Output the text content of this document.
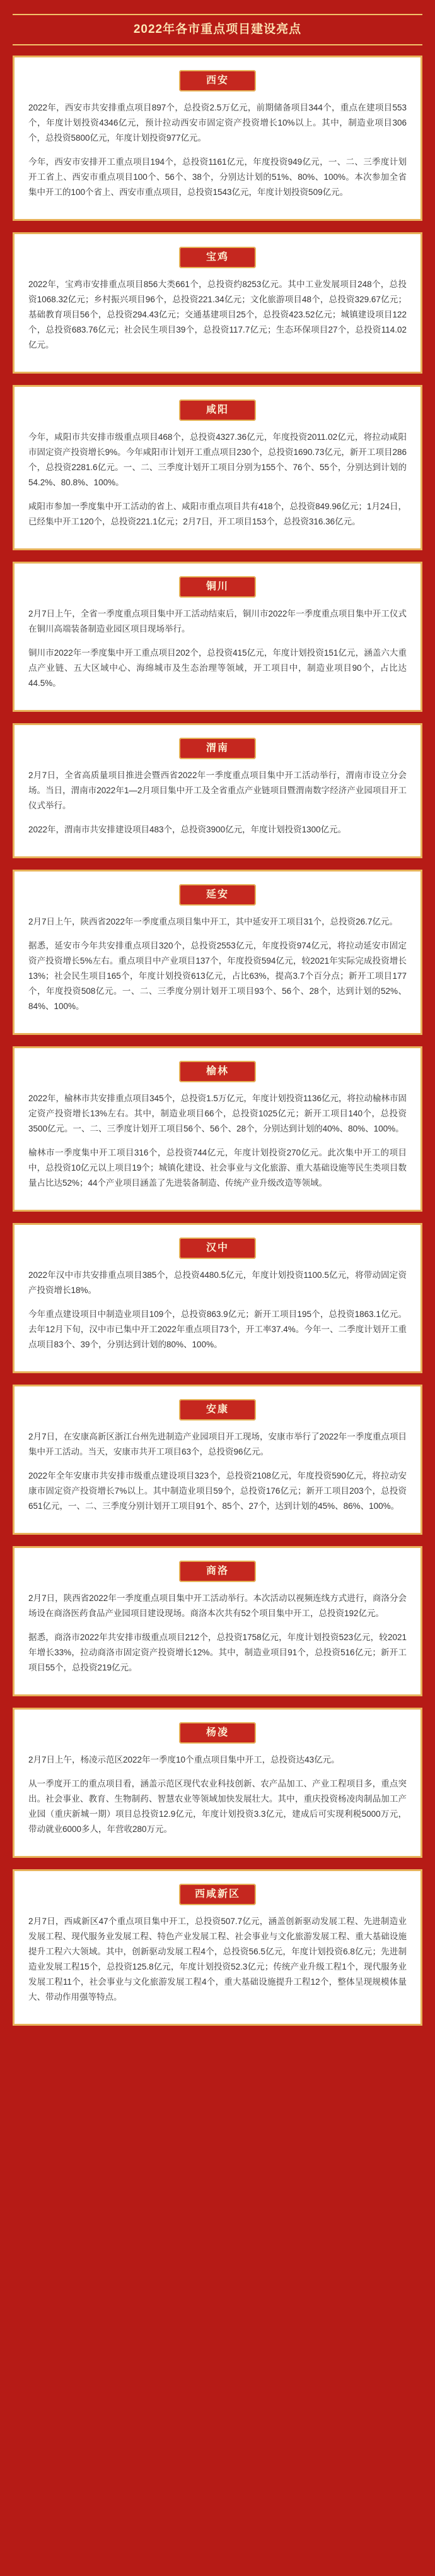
2022年各市重点项目建设亮点
西安

2022年，西安市共安排重点项目897个，总投资2.5万亿元，前期储备项目344个，重点在建项目553个，年度计划投资4346亿元，预计拉动西安市固定资产投资增长10%以上。其中，制造业项目306个，总投资5800亿元，年度计划投资977亿元。

今年，西安市安排开工重点项目194个，总投资1161亿元，年度投资949亿元，一、二、三季度计划开工省上、西安市重点项目100个、56个、38个，分别达计划的51%、80%、100%。本次参加全省集中开工的100个省上、西安市重点项目，总投资1543亿元，年度计划投资509亿元。

宝鸡

2022年，宝鸡市安排重点项目856大类661个，总投资约8253亿元。其中工业发展项目248个，总投资1068.32亿元；乡村振兴项目96个，总投资221.34亿元；文化旅游项目48个，总投资329.67亿元；基础教育项目56个，总投资294.43亿元；交通基建项目25个，总投资423.52亿元；城镇建设项目122个，总投资683.76亿元；社会民生项目39个，总投资117.7亿元；生态环保项目27个，总投资114.02亿元。

咸阳

今年，咸阳市共安排市级重点项目468个，总投资4327.36亿元，年度投资2011.02亿元，将拉动咸阳市固定资产投资增长9%。今年咸阳市计划开工重点项目230个，总投资1690.73亿元，新开工项目286个，总投资2281.6亿元。一、二、三季度计划开工项目分别为155个、76个、55个，分别达到计划的54.2%、80.8%、100%。

咸阳市参加一季度集中开工活动的省上、咸阳市重点项目共有418个，总投资849.96亿元；1月24日，已经集中开工120个，总投资221.1亿元；2月7日，开工项目153个，总投资316.36亿元。

铜川

2月7日上午，全省一季度重点项目集中开工活动结束后，铜川市2022年一季度重点项目集中开工仪式在铜川高端装备制造业园区项目现场举行。

铜川市2022年一季度集中开工重点项目202个，总投资415亿元，年度计划投资151亿元，涵盖六大重点产业链、五大区域中心、海绵城市及生态治理等领域，开工项目中，制造业项目90个，占比达44.5%。

渭南

2月7日，全省高质量项目推进会暨西省2022年一季度重点项目集中开工活动举行，渭南市设立分会场。当日，渭南市2022年1—2月项目集中开工及全省重点产业链项目暨渭南数字经济产业园项目开工仪式举行。

2022年，渭南市共安排建设项目483个，总投资3900亿元，年度计划投资1300亿元。

延安

2月7日上午，陕西省2022年一季度重点项目集中开工，其中延安开工项目31个，总投资26.7亿元。

据悉，延安市今年共安排重点项目320个，总投资2553亿元，年度投资974亿元，将拉动延安市固定资产投资增长5%左右。重点项目中产业项目137个，年度投资594亿元，较2021年实际完成投资增长13%；社会民生项目165个，年度计划投资613亿元，占比63%，提高3.7个百分点；新开工项目177个，年度投资508亿元。一、二、三季度分别计划开工项目93个、56个、28个，达到计划的52%、84%、100%。

榆林

2022年，榆林市共安排重点项目345个，总投资1.5万亿元，年度计划投资1136亿元，将拉动榆林市固定资产投资增长13%左右。其中，制造业项目66个，总投资1025亿元；新开工项目140个，总投资3500亿元。一、二、三季度计划开工项目56个、56个、28个，分别达到计划的40%、80%、100%。

榆林市一季度集中开工项目316个，总投资744亿元，年度计划投资270亿元。此次集中开工的项目中，总投资10亿元以上项目19个；城镇化建设、社会事业与文化旅游、重大基础设施等民生类项目数量占比达52%；44个产业项目涵盖了先进装备制造、传统产业升级改造等领域。

汉中

2022年汉中市共安排重点项目385个，总投资4480.5亿元，年度计划投资1100.5亿元，将带动固定资产投资增长18%。

今年重点建设项目中制造业项目109个，总投资863.9亿元；新开工项目195个，总投资1863.1亿元。去年12月下旬，汉中市已集中开工2022年重点项目73个，开工率37.4%。今年一、二季度计划开工重点项目83个、39个，分别达到计划的80%、100%。

安康

2月7日，在安康高新区浙江台州先进制造产业园项目开工现场，安康市举行了2022年一季度重点项目集中开工活动。当天，安康市共开工项目63个，总投资96亿元。

2022年全年安康市共安排市级重点建设项目323个，总投资2108亿元，年度投资590亿元，将拉动安康市固定资产投资增长7%以上。其中制造业项目59个，总投资176亿元；新开工项目203个，总投资651亿元，一、二、三季度分别计划开工项目91个、85个、27个，达到计划的45%、86%、100%。

商洛

2月7日，陕西省2022年一季度重点项目集中开工活动举行。本次活动以视频连线方式进行，商洛分会场设在商洛医药食品产业园项目建设现场。商洛本次共有52个项目集中开工，总投资192亿元。

据悉，商洛市2022年共安排市级重点项目212个，总投资1758亿元，年度计划投资523亿元，较2021年增长33%，拉动商洛市固定资产投资增长12%。其中，制造业项目91个，总投资516亿元；新开工项目55个，总投资219亿元。

杨凌

2月7日上午，杨凌示范区2022年一季度10个重点项目集中开工，总投资达43亿元。

从一季度开工的重点项目看，涵盖示范区现代农业科技创新、农产品加工、产业工程项目多，重点突出。社会事业、教育、生物制药、智慧农业等领域加快发展壮大。其中，重庆投资杨凌肉制品加工产业园（重庆新城一期）项目总投资12.9亿元，年度计划投资3.3亿元，建成后可实现利税5000万元，带动就业6000多人，年营收280万元。

西咸新区

2月7日，西咸新区47个重点项目集中开工，总投资507.7亿元，涵盖创新驱动发展工程、先进制造业发展工程、现代服务业发展工程、特色产业发展工程、社会事业与文化旅游发展工程、重大基础设施提升工程六大领域。其中，创新驱动发展工程4个，总投资56.5亿元，年度计划投资6.8亿元；先进制造业发展工程15个，总投资125.8亿元，年度计划投资52.3亿元；传统产业升级工程1个，现代服务业发展工程11个，社会事业与文化旅游发展工程4个，重大基础设施提升工程12个，整体呈现规模体量大、带动作用强等特点。
